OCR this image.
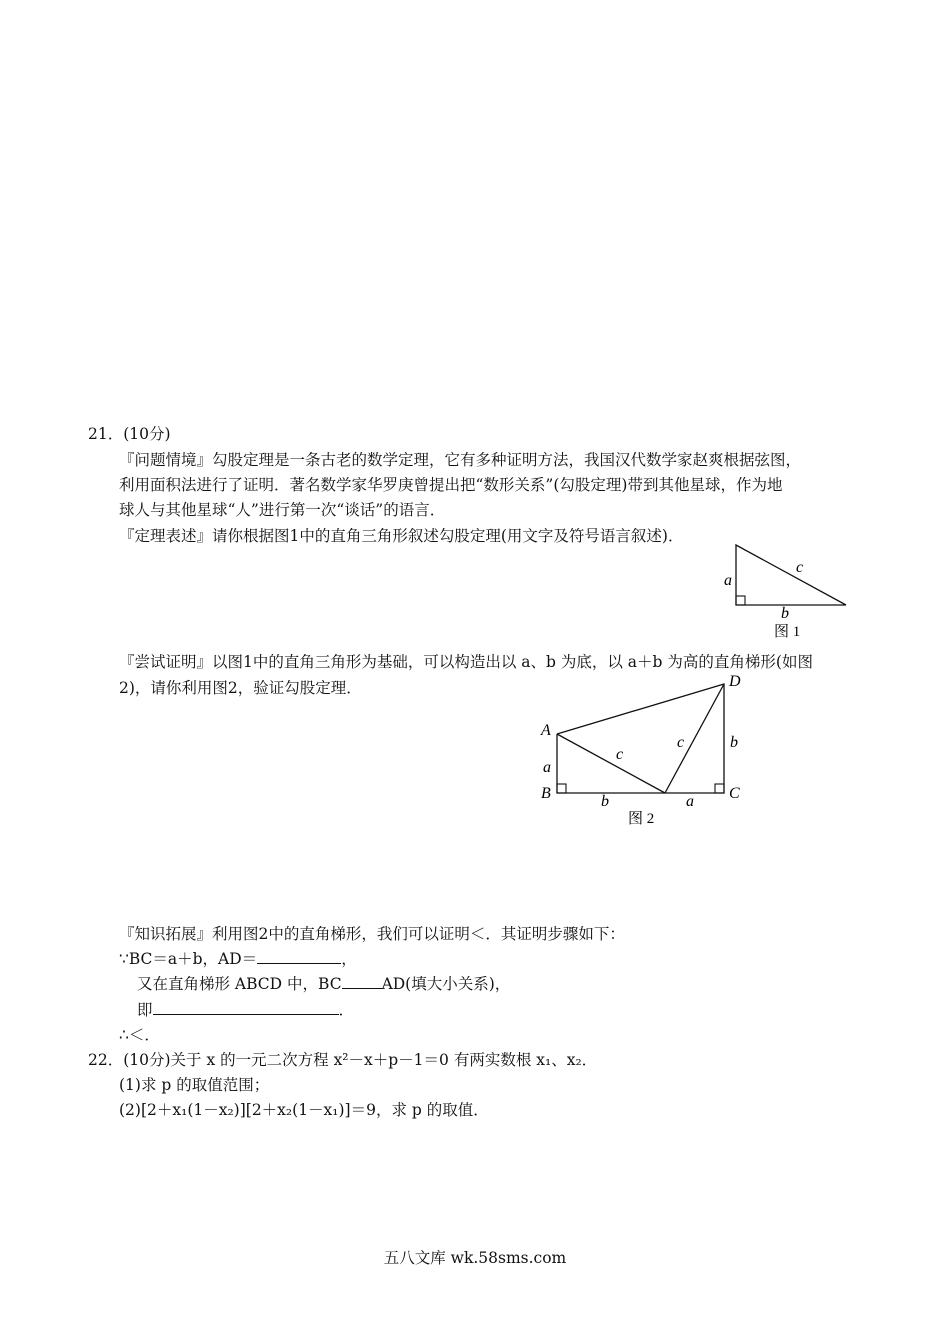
21．(10分)
『问题情境』勾股定理是一条古老的数学定理，它有多种证明方法，我国汉代数学家赵爽根据弦图，
利用面积法进行了证明．著名数学家华罗庚曾提出把“数形关系”(勾股定理)带到其他星球，作为地
球人与其他星球“人”进行第一次“谈话”的语言．
『定理表述』请你根据图1中的直角三角形叙述勾股定理(用文字及符号语言叙述)．
a
c
b
图 1
『尝试证明』以图1中的直角三角形为基础，可以构造出以 a、b 为底，以 a＋b 为高的直角梯形(如图
2)，请你利用图2，验证勾股定理．	D
A
B	C
a
b
c
c
b	a
图 2
『知识拓展』利用图2中的直角梯形，我们可以证明＜．其证明步骤如下：
∵BC＝a＋b，AD＝	，
又在直角梯形 ABCD 中，BC	AD(填大小关系)，
即	．
∴＜．
22．(10分)关于 x 的一元二次方程 x²－x＋p－1＝0 有两实数根 x₁、x₂．
(1)求 p 的取值范围；
(2)[2＋x₁(1－x₂)][2＋x₂(1－x₁)]＝9，求 p 的取值．
五八文库 wk.58sms.com
